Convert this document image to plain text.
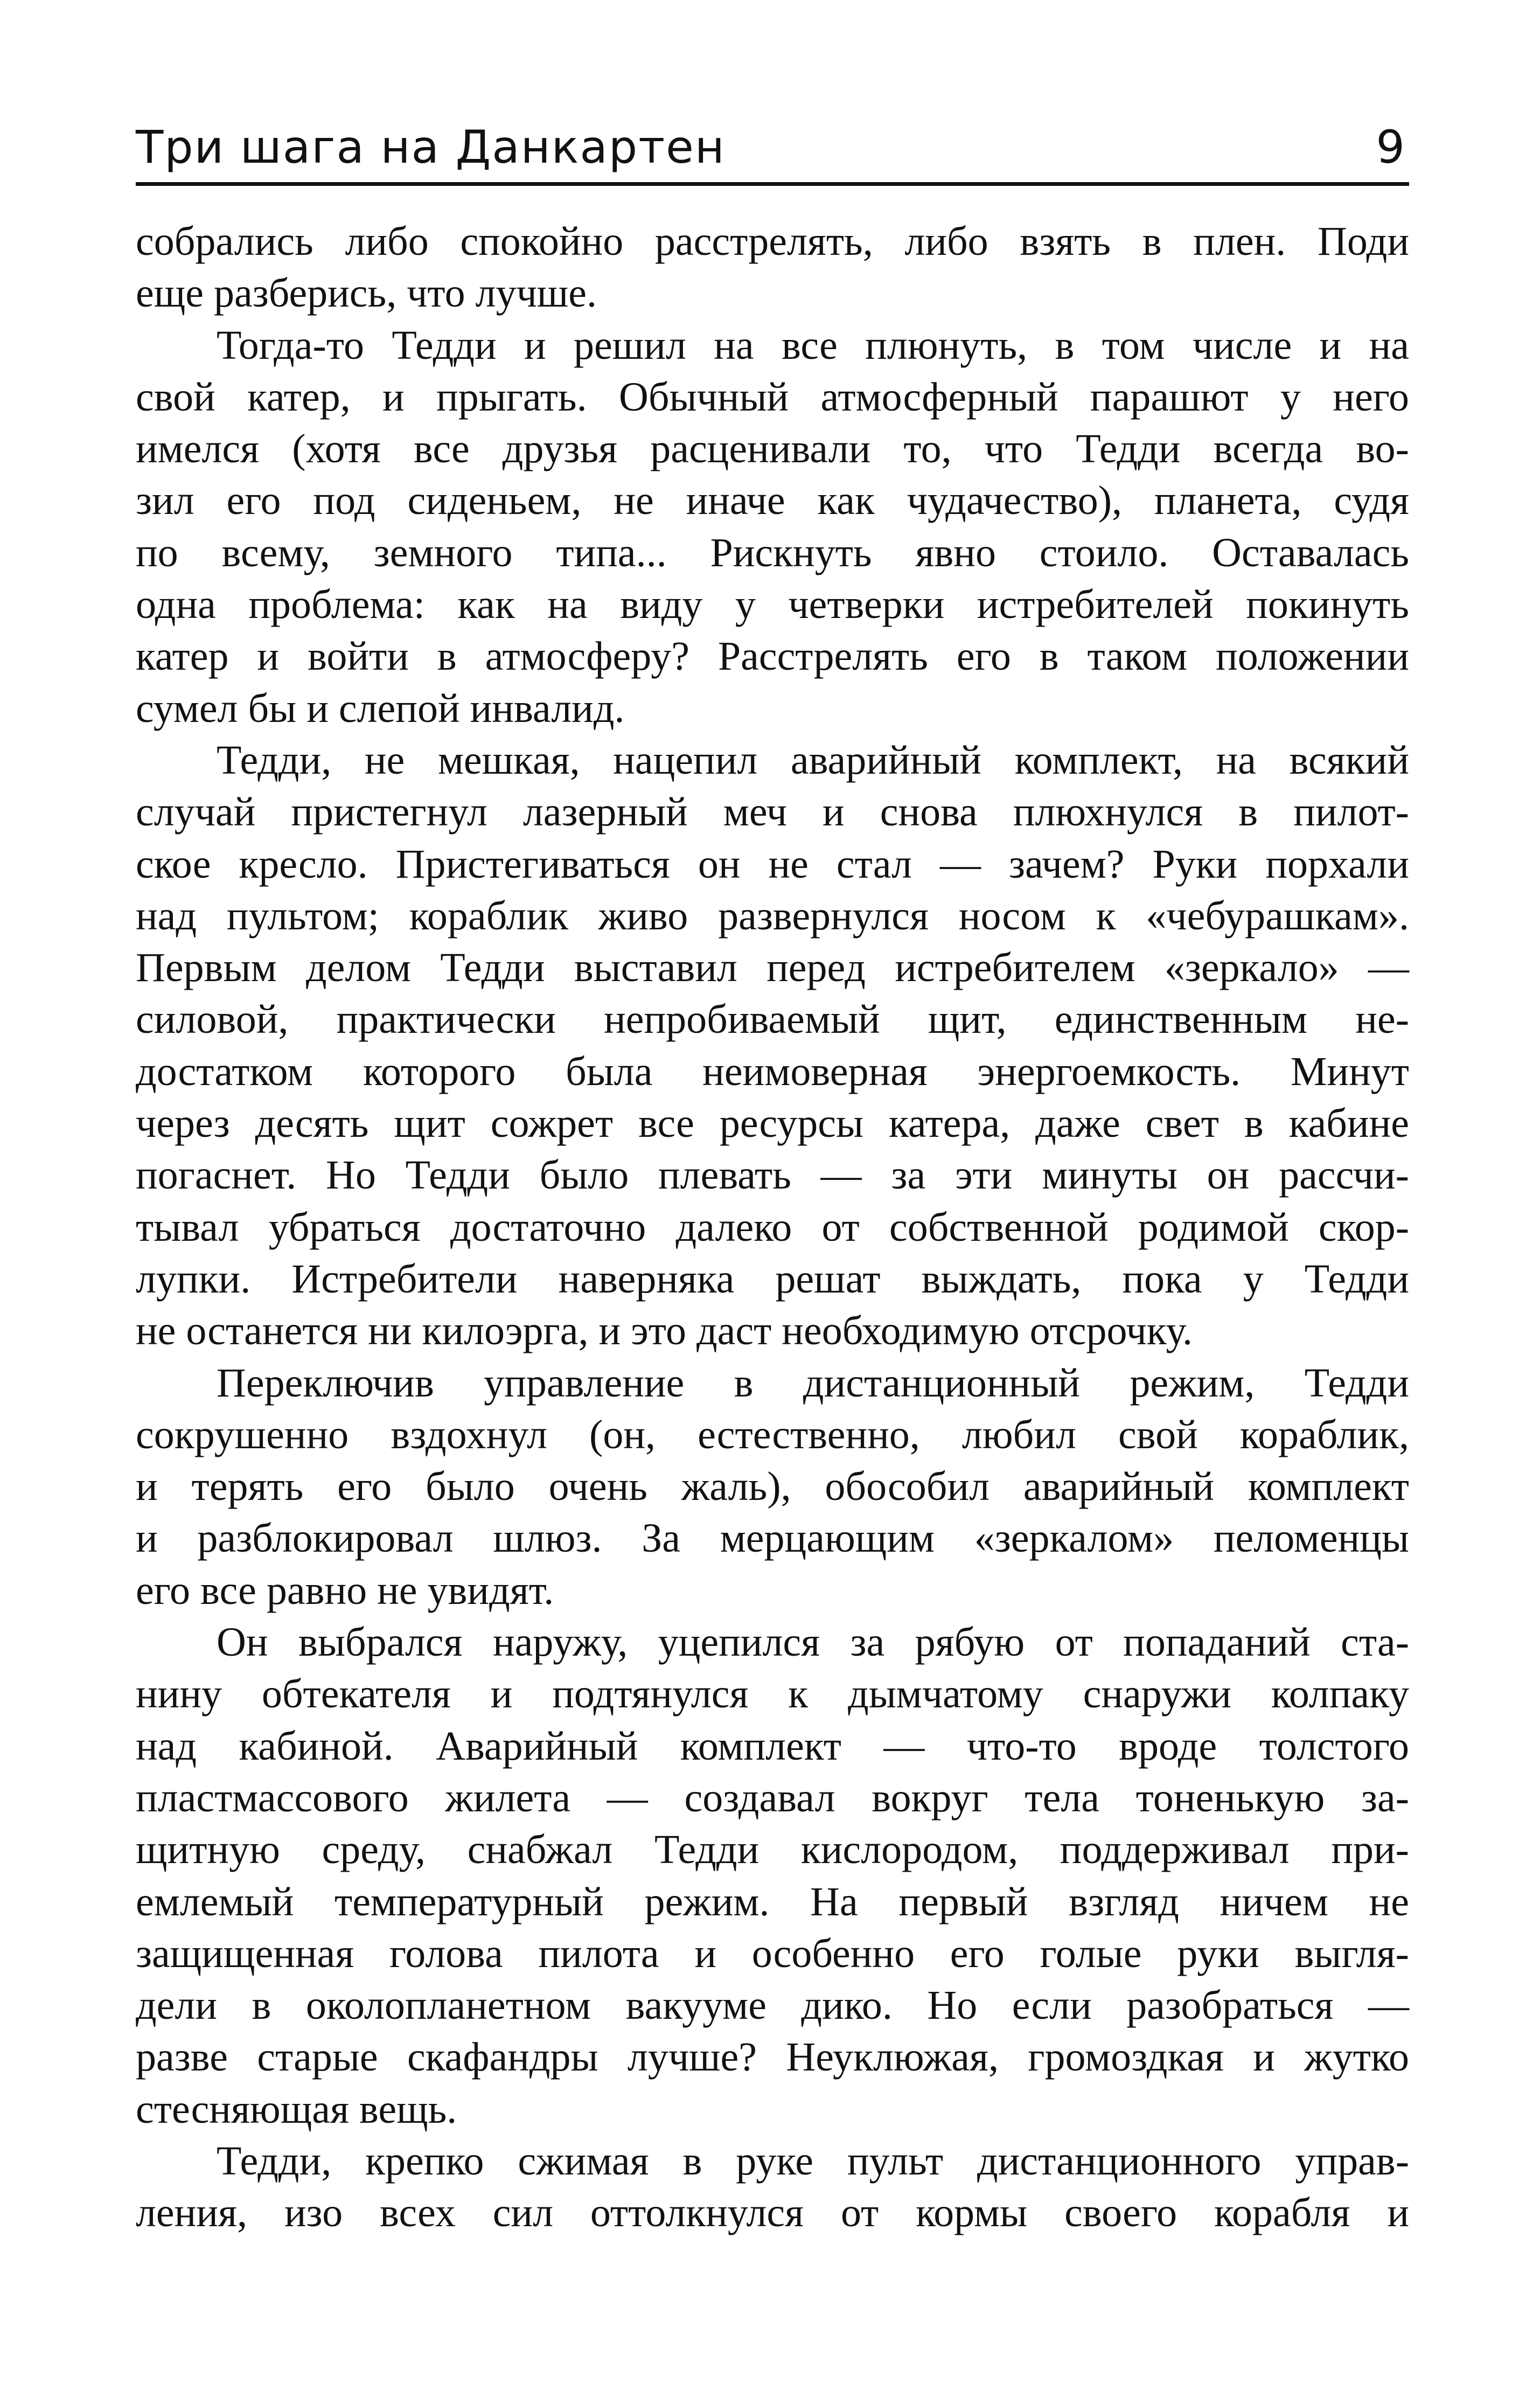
Три шага на Данкартен	9
собрались либо спокойно расстрелять, либо взять в плен. Поди
еще разберись, что лучше.
Тогда-то Тедди и решил на все плюнуть, в том числе и на
свой катер, и прыгать. Обычный атмосферный парашют у него
имелся (хотя все друзья расценивали то, что Тедди всегда во-
зил его под сиденьем, не иначе как чудачество), планета, судя
по всему, земного типа... Рискнуть явно стоило. Оставалась
одна проблема: как на виду у четверки истребителей покинуть
катер и войти в атмосферу? Расстрелять его в таком положении
сумел бы и слепой инвалид.
Тедди, не мешкая, нацепил аварийный комплект, на всякий
случай пристегнул лазерный меч и снова плюхнулся в пилот-
ское кресло. Пристегиваться он не стал — зачем? Руки порхали
над пультом; кораблик живо развернулся носом к «чебурашкам».
Первым делом Тедди выставил перед истребителем «зеркало» —
силовой, практически непробиваемый щит, единственным не-
достатком которого была неимоверная энергоемкость. Минут
через десять щит сожрет все ресурсы катера, даже свет в кабине
погаснет. Но Тедди было плевать — за эти минуты он рассчи-
тывал убраться достаточно далеко от собственной родимой скор-
лупки. Истребители наверняка решат выждать, пока у Тедди
не останется ни килоэрга, и это даст необходимую отсрочку.
Переключив управление в дистанционный режим, Тедди
сокрушенно вздохнул (он, естественно, любил свой кораблик,
и терять его было очень жаль), обособил аварийный комплект
и разблокировал шлюз. За мерцающим «зеркалом» пеломенцы
его все равно не увидят.
Он выбрался наружу, уцепился за рябую от попаданий ста-
нину обтекателя и подтянулся к дымчатому снаружи колпаку
над кабиной. Аварийный комплект — что-то вроде толстого
пластмассового жилета — создавал вокруг тела тоненькую за-
щитную среду, снабжал Тедди кислородом, поддерживал при-
емлемый температурный режим. На первый взгляд ничем не
защищенная голова пилота и особенно его голые руки выгля-
дели в околопланетном вакууме дико. Но если разобраться —
разве старые скафандры лучше? Неуклюжая, громоздкая и жутко
стесняющая вещь.
Тедди, крепко сжимая в руке пульт дистанционного управ-
ления, изо всех сил оттолкнулся от кормы своего корабля и
